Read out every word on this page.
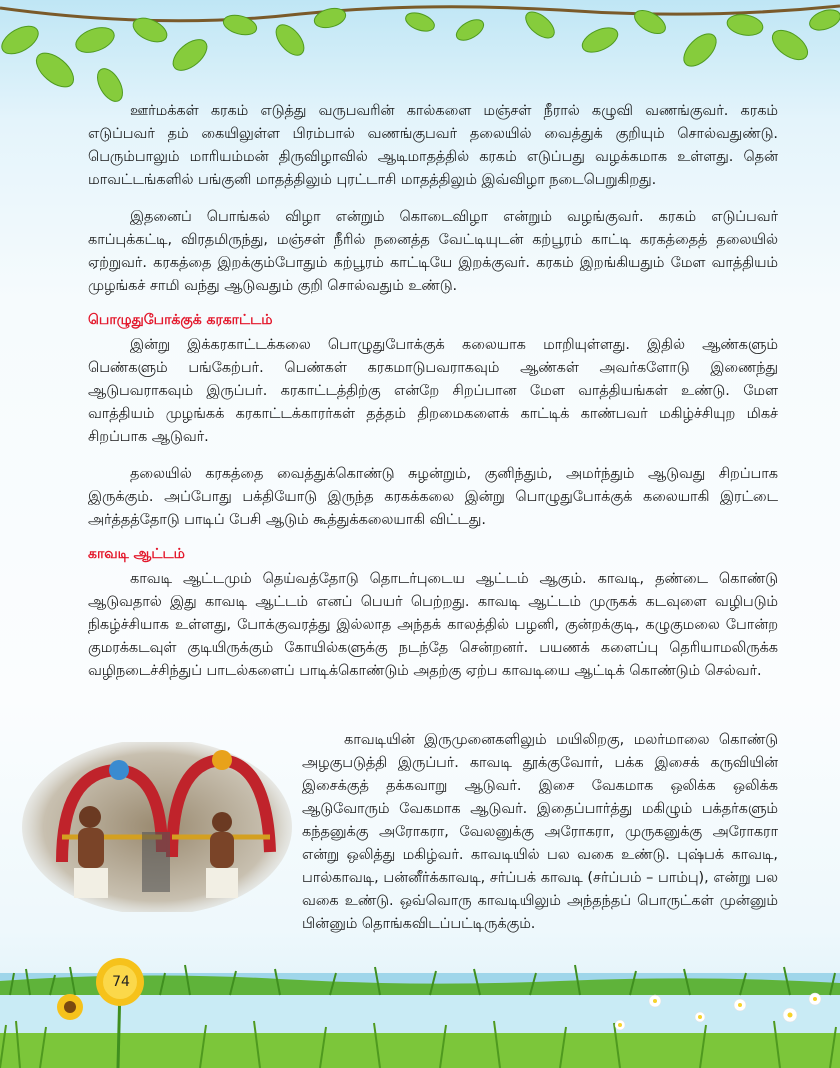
ஊர்மக்கள் கரகம் எடுத்து வருபவரின் கால்களை மஞ்சள் நீரால் கழுவி வணங்குவர். கரகம் எடுப்பவர் தம் கையிலுள்ள பிரம்பால் வணங்குபவர் தலையில் வைத்துக் குறியும் சொல்வதுண்டு. பெரும்பாலும் மாரியம்மன் திருவிழாவில் ஆடிமாதத்தில் கரகம் எடுப்பது வழக்கமாக உள்ளது. தென் மாவட்டங்களில் பங்குனி மாதத்திலும் புரட்டாசி மாதத்திலும் இவ்விழா நடைபெறுகிறது.

இதனைப் பொங்கல் விழா என்றும் கொடைவிழா என்றும் வழங்குவர். கரகம் எடுப்பவர் காப்புக்கட்டி, விரதமிருந்து, மஞ்சள் நீரில் நனைத்த வேட்டியுடன் கற்பூரம் காட்டி கரகத்தைத் தலையில் ஏற்றுவர். கரகத்தை இறக்கும்போதும் கற்பூரம் காட்டியே இறக்குவர். கரகம் இறங்கியதும் மேள வாத்தியம் முழங்கச் சாமி வந்து ஆடுவதும் குறி சொல்வதும் உண்டு.

பொழுதுபோக்குக் கரகாட்டம்

இன்று இக்கரகாட்டக்கலை பொழுதுபோக்குக் கலையாக மாறியுள்ளது. இதில் ஆண்களும் பெண்களும் பங்கேற்பர். பெண்கள் கரகமாடுபவராகவும் ஆண்கள் அவர்களோடு இணைந்து ஆடுபவராகவும் இருப்பர். கரகாட்டத்திற்கு என்றே சிறப்பான மேள வாத்தியங்கள் உண்டு. மேள வாத்தியம் முழங்கக் கரகாட்டக்காரர்கள் தத்தம் திறமைகளைக் காட்டிக் காண்பவர் மகிழ்ச்சியுற மிகச் சிறப்பாக ஆடுவர்.

தலையில் கரகத்தை வைத்துக்கொண்டு சுழன்றும், குனிந்தும், அமர்ந்தும் ஆடுவது சிறப்பாக இருக்கும். அப்போது பக்தியோடு இருந்த கரகக்கலை இன்று பொழுதுபோக்குக் கலையாகி இரட்டை அர்த்தத்தோடு பாடிப் பேசி ஆடும் கூத்துக்கலையாகி விட்டது.

காவடி ஆட்டம்

காவடி ஆட்டமும் தெய்வத்தோடு தொடர்புடைய ஆட்டம் ஆகும். காவடி, தண்டை கொண்டு ஆடுவதால் இது காவடி ஆட்டம் எனப் பெயர் பெற்றது. காவடி ஆட்டம் முருகக் கடவுளை வழிபடும் நிகழ்ச்சியாக உள்ளது, போக்குவரத்து இல்லாத அந்தக் காலத்தில் பழனி, குன்றக்குடி, கழுகுமலை போன்ற குமரக்கடவுள் குடியிருக்கும் கோயில்களுக்கு நடந்தே சென்றனர். பயணக் களைப்பு தெரியாமலிருக்க வழிநடைச்சிந்துப் பாடல்களைப் பாடிக்கொண்டும் அதற்கு ஏற்ப காவடியை ஆட்டிக் கொண்டும் செல்வர்.

காவடியின் இருமுனைகளிலும் மயிலிறகு, மலர்மாலை கொண்டு அழகுபடுத்தி இருப்பர். காவடி தூக்குவோர், பக்க இசைக் கருவியின் இசைக்குத் தக்கவாறு ஆடுவர். இசை வேகமாக ஒலிக்க ஒலிக்க ஆடுவோரும் வேகமாக ஆடுவர். இதைப்பார்த்து மகிழும் பக்தர்களும் கந்தனுக்கு அரோகரா, வேலனுக்கு அரோகரா, முருகனுக்கு அரோகரா என்று ஒலித்து மகிழ்வர். காவடியில் பல வகை உண்டு. புஷ்பக் காவடி, பால்காவடி, பன்னீர்க்காவடி, சர்ப்பக் காவடி (சர்ப்பம் – பாம்பு), என்று பல வகை உண்டு. ஒவ்வொரு காவடியிலும் அந்தந்தப் பொருட்கள் முன்னும் பின்னும் தொங்கவிடப்பட்டிருக்கும்.

74
